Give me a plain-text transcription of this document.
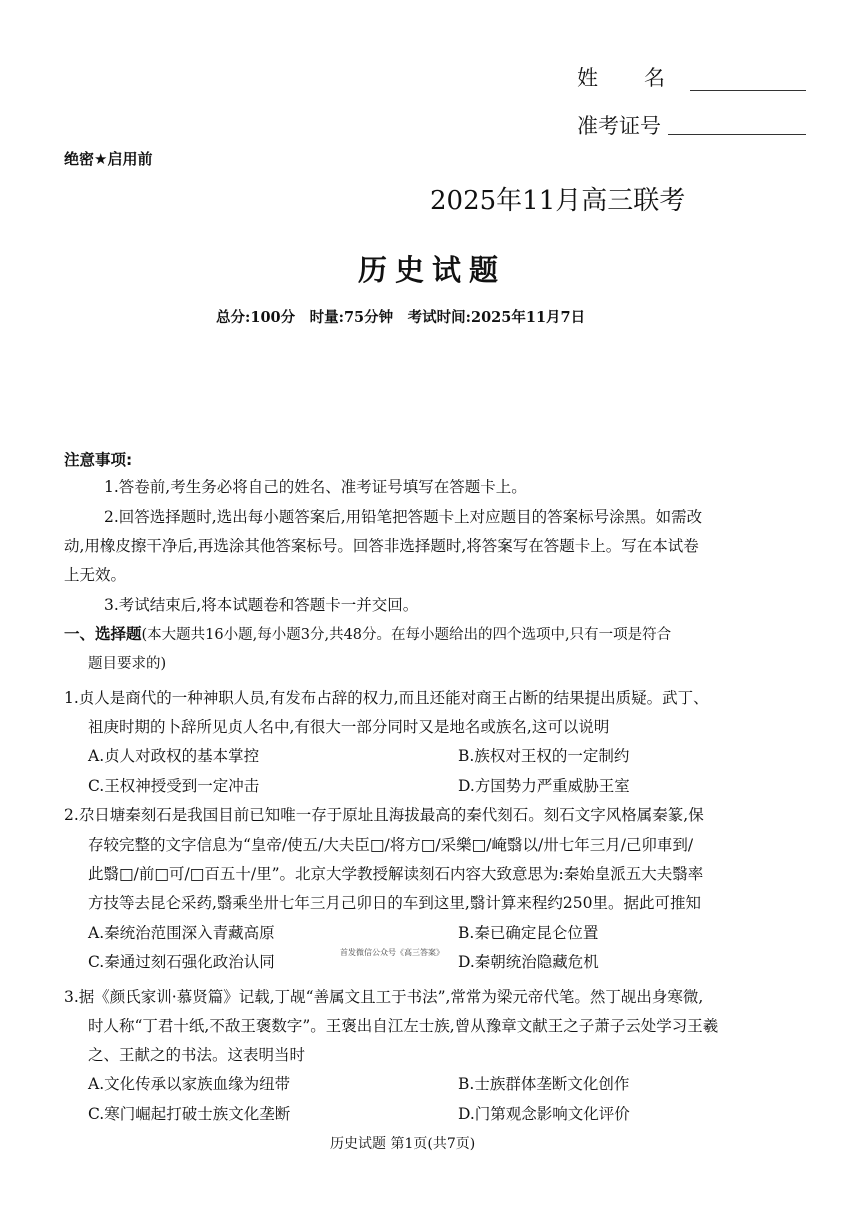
姓 名
准考证号
绝密★启用前
2025年11月高三联考
历史试题
总分:100分　时量:75分钟　考试时间:2025年11月7日
注意事项:
1.答卷前,考生务必将自己的姓名、准考证号填写在答题卡上。
2.回答选择题时,选出每小题答案后,用铅笔把答题卡上对应题目的答案标号涂黑。如需改
动,用橡皮擦干净后,再选涂其他答案标号。回答非选择题时,将答案写在答题卡上。写在本试卷
上无效。
3.考试结束后,将本试题卷和答题卡一并交回。
一、选择题(本大题共16小题,每小题3分,共48分。在每小题给出的四个选项中,只有一项是符合
题目要求的)
1.贞人是商代的一种神职人员,有发布占辞的权力,而且还能对商王占断的结果提出质疑。武丁、
祖庚时期的卜辞所见贞人名中,有很大一部分同时又是地名或族名,这可以说明
A.贞人对政权的基本掌控	B.族权对王权的一定制约
C.王权神授受到一定冲击	D.方国势力严重威胁王室
2.尕日塘秦刻石是我国目前已知唯一存于原址且海拔最高的秦代刻石。刻石文字风格属秦篆,保
存较完整的文字信息为“皇帝/使五/大夫臣□/将方□/采樂□/崦翳以/卅七年三月/己卯車到/
此翳□/前□可/□百五十/里”。北京大学教授解读刻石内容大致意思为:秦始皇派五大夫翳率
方技等去昆仑采药,翳乘坐卅七年三月己卯日的车到这里,翳计算来程约250里。据此可推知
A.秦统治范围深入青藏高原	B.秦已确定昆仑位置
首发微信公众号《高三答案》
C.秦通过刻石强化政治认同	D.秦朝统治隐藏危机
3.据《颜氏家训·慕贤篇》记载,丁觇“善属文且工于书法”,常常为梁元帝代笔。然丁觇出身寒微,
时人称“丁君十纸,不敌王褒数字”。王褒出自江左士族,曾从豫章文献王之子萧子云处学习王羲
之、王献之的书法。这表明当时
A.文化传承以家族血缘为纽带	B.士族群体垄断文化创作
C.寒门崛起打破士族文化垄断	D.门第观念影响文化评价
历史试题 第1页(共7页)
